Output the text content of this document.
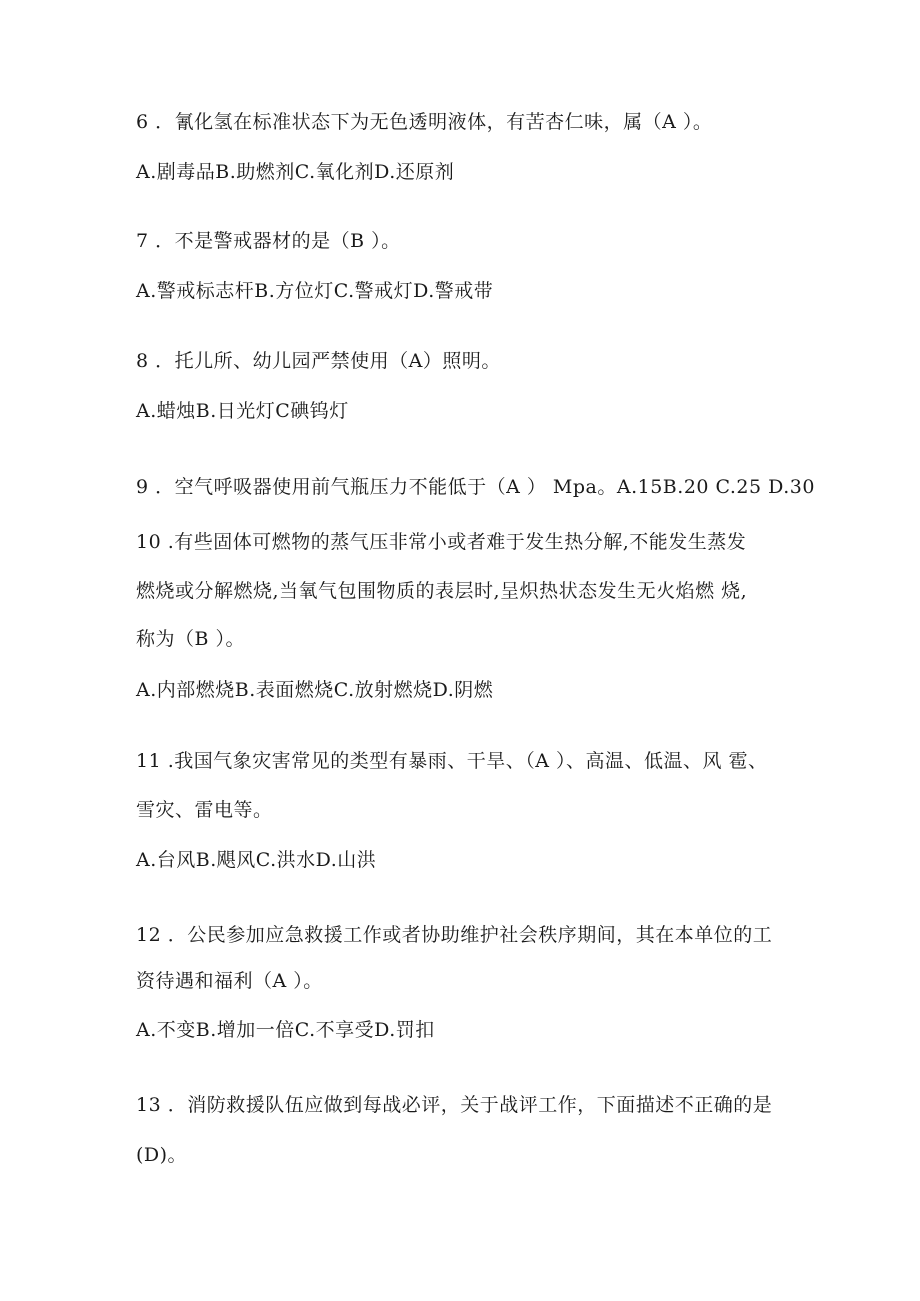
6 ．氰化氢在标准状态下为无色透明液体，有苦杏仁味，属（A ）。
A.剧毒品B.助燃剂C.氧化剂D.还原剂
7 ．不是警戒器材的是（B ）。
A.警戒标志杆B.方位灯C.警戒灯D.警戒带
8 ．托儿所、幼儿园严禁使用（A）照明。
A.蜡烛B.日光灯C碘钨灯
9 ．空气呼吸器使用前气瓶压力不能低于（A ） Mpa。A.15B.20 C.25 D.30
10 .有些固体可燃物的蒸气压非常小或者难于发生热分解,不能发生蒸发
燃烧或分解燃烧,当氧气包围物质的表层时,呈炽热状态发生无火焰燃 烧,
称为（B ）。
A.内部燃烧B.表面燃烧C.放射燃烧D.阴燃
11 .我国气象灾害常见的类型有暴雨、干旱、（A ）、高温、低温、风 雹、
雪灾、雷电等。
A.台风B.飓风C.洪水D.山洪
12 ．公民参加应急救援工作或者协助维护社会秩序期间，其在本单位的工
资待遇和福利（A ）。
A.不变B.增加一倍C.不享受D.罚扣
13 ．消防救援队伍应做到每战必评，关于战评工作，下面描述不正确的是
(D)。
